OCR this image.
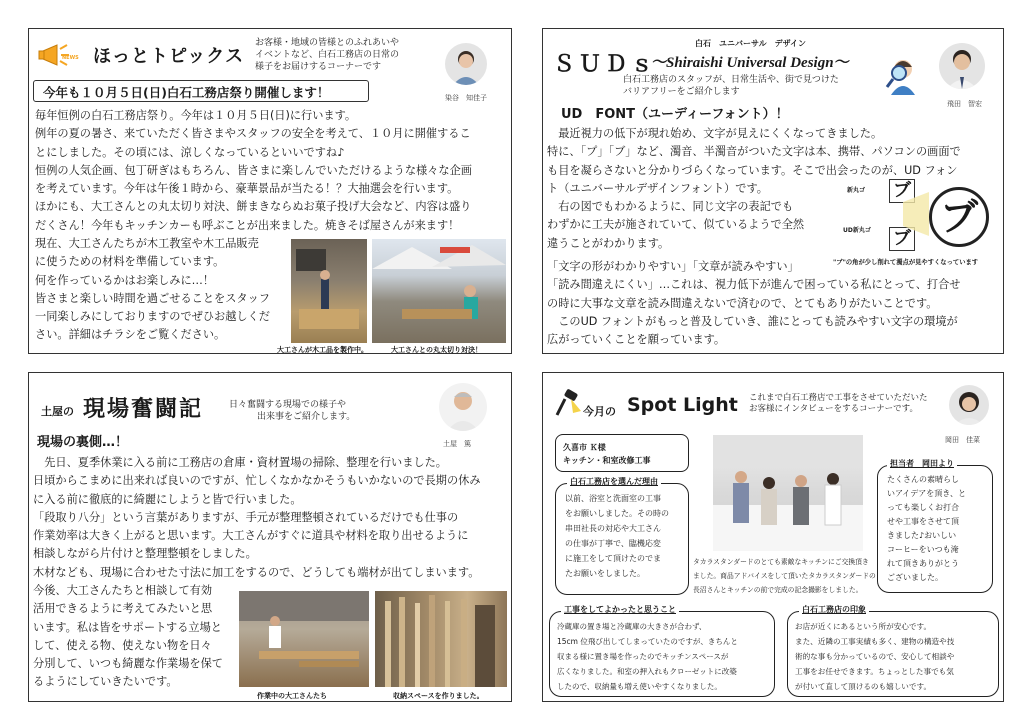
NEWS ほっとトピックス

お客様・地域の皆様とのふれあいや

イベントなど、白石工務店の日常の

様子をお届けするコーナーです

染谷　知佳子
今年も１０月５日(日)白石工務店祭り開催します！

毎年恒例の白石工務店祭り。今年は１０月５日(日)に行います。

例年の夏の暑さ、来ていただく皆さまやスタッフの安全を考えて、１０月に開催するこ

とにしました。その頃には、涼しくなっているといいですね♪

恒例の人気企画、包丁研ぎはもちろん、皆さまに楽しんでいただけるような様々な企画

を考えています。今年は午後１時から、豪華景品が当たる！？大抽選会を行います。

ほかにも、大工さんとの丸太切り対決、餅まきならぬお菓子投げ大会など、内容は盛り

だくさん！今年もキッチンカーも呼ぶことが出来ました。焼きそば屋さんが来ます！

現在、大工さんたちが木工教室や木工品販売

に使うための材料を準備しています。

何を作っているかはお楽しみに…！

皆さまと楽しい時間を過ごせることをスタッフ

一同楽しみにしておりますのでぜひお越しくだ

さい。詳細はチラシをご覧ください。

大工さんが木工品を製作中。	大工さんとの丸太切り対決！
白石　ユニバーサル　デザイン
ＳＵＤｓ
～Shiraishi Universal Design～

白石工務店のスタッフが、日常生活や、街で見つけた

バリアフリーをご紹介します

飛田　智宏
UD　FONT（ユーディーフォント）！

　最近視力の低下が現れ始め、文字が見えにくくなってきました。

特に、「プ」「ブ」など、濁音、半濁音がついた文字は本、携帯、パソコンの画面で

も目を凝らさないと分かりづらくなっています。そこで出会ったのが、UD フォン

ト（ユニバーサルデザインフォント）です。

　右の図でもわかるように、同じ文字の表記でも

わずかに工夫が施されていて、似ているようで全然

違うことがわかります。

「文字の形がわかりやすい」「文章が読みやすい」

「読み間違えにくい」…これは、視力低下が進んで困っている私にとって、打合せ

の時に大事な文章を読み間違えないで済むので、とてもありがたいことです。

　このUD フォントがもっと普及していき、誰にとっても読みやすい文字の環境が

広がっていくことを願っています。

新丸ゴ ブ
UD新丸ゴ ブ ブ
"ブ"の角が少し削れて濁点が見やすくなっています
土屋の 現場奮闘記	日々奮闘する現場での様子や

出来事をご紹介します。

土屋　篤
現場の裏側…！

　先日、夏季休業に入る前に工務店の倉庫・資材置場の掃除、整理を行いました。

日頃からこまめに出来れば良いのですが、忙しくなかなかそうもいかないので長期の休み

に入る前に徹底的に綺麗にしようと皆で行いました。

「段取り八分」という言葉がありますが、手元が整理整頓されているだけでも仕事の

作業効率は大きく上がると思います。大工さんがすぐに道具や材料を取り出せるように

相談しながら片付けと整理整頓をしました。

木材なども、現場に合わせた寸法に加工をするので、どうしても端材が出てしまいます。

今後、大工さんたちと相談して有効

活用できるように考えてみたいと思

います。私は皆をサポートする立場と

して、使える物、使えない物を日々

分別して、いつも綺麗な作業場を保て

るようにしていきたいです。

作業中の大工さんたち	収納スペースを作りました。
今月の Spot Light これまで白石工務店で工事をさせていただいた

お客様にインタビューをするコーナーです。

岡田　佳菜

久喜市 Ｋ様

キッチン・和室改修工事

白石工務店を選んだ理由

以前、浴室と洗面室の工事

をお願いしました。その時の

串田社長の対応や大工さん

の仕事が丁寧で、臨機応変

に施工をして頂けたのでま

たお願いをしました。

タカラスタンダードのとても素敵なキッチンにご交換頂き

ました。商品アドバイスをして頂いたタカラスタンダードの

長沼さんとキッチンの前で完成の記念撮影をしました。

担当者　岡田より

たくさんの素晴らし

いアイデアを頂き、と

っても楽しくお打合

せや工事をさせて頂

きました♪おいしい

コーヒーをいつも淹

れて頂きありがとう

ございました。

工事をしてよかったと思うこと

冷蔵庫の置き場と冷蔵庫の大きさが合わず、

15cm 位飛び出してしまっていたのですが、きちんと

収まる様に置き場を作ったのでキッチンスペースが

広くなりました。和室の押入れもクローゼットに改築

したので、収納量も増え使いやすくなりました。

白石工務店の印象

お店が近くにあるという所が安心です。

また、近隣の工事実績も多く、建物の構造や技

術的な事も分かっているので、安心して相談や

工事をお任せできます。ちょっとした事でも気

が付いて直して頂けるのも嬉しいです。
